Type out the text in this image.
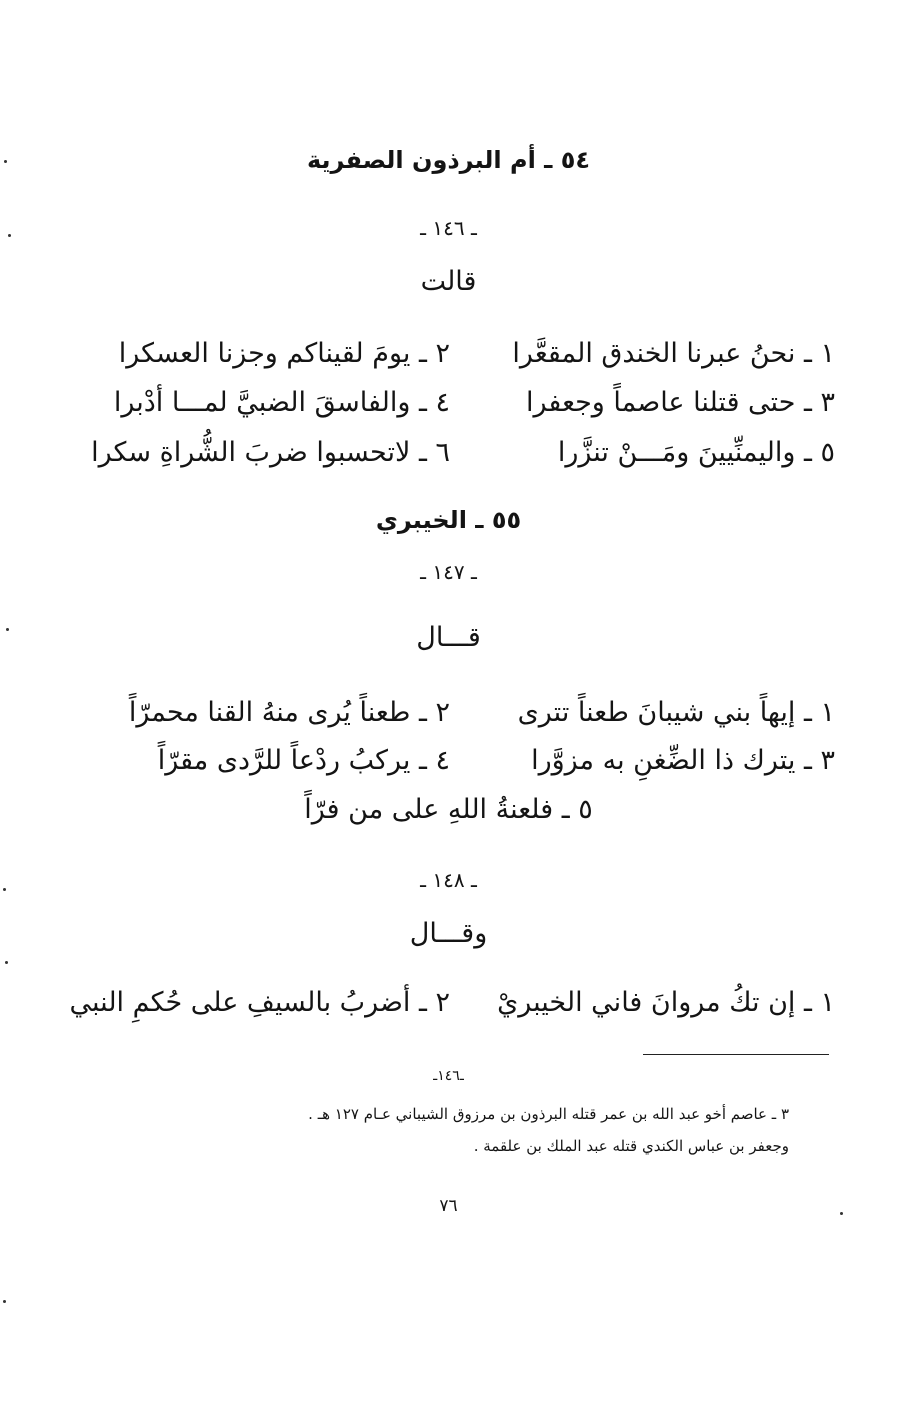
٥٤ ـ أم البرذون الصفرية
ـ ١٤٦ ـ
قالت
١ ـ نحنُ عبرنا الخندق المقعَّرا
٢ ـ يومَ لقيناكم وجزنا العسكرا
٣ ـ حتى قتلنا عاصماً وجعفرا
٤ ـ والفاسقَ الضبيَّ لمـــا أدْبرا
٥ ـ واليمنِّيينَ ومَـــنْ تنزَّرا
٦ ـ لاتحسبوا ضربَ الشُّراةِ سكرا
٥٥ ـ الخيبري
ـ ١٤٧ ـ
قـــال
١ ـ إيهاً بني شيبانَ طعناً تترى
٢ ـ طعناً يُرى منهُ القنا محمرّاً
٣ ـ يترك ذا الضِّغنِ به مزوَّرا
٤ ـ يركبُ ردْعاً للرَّدى مقرّاً
٥ ـ فلعنةُ اللهِ على من فرّاً
ـ ١٤٨ ـ
وقـــال
١ ـ إن تكُ مروانَ فاني الخيبريْ
٢ ـ أضربُ بالسيفِ على حُكمِ النبي
ـ١٤٦ـ
٣ ـ عاصم أخو عبد الله بن عمر قتله البرذون بن مرزوق الشيباني عـام ١٢٧ هـ .
وجعفر بن عباس الكندي قتله عبد الملك بن علقمة .
٧٦
